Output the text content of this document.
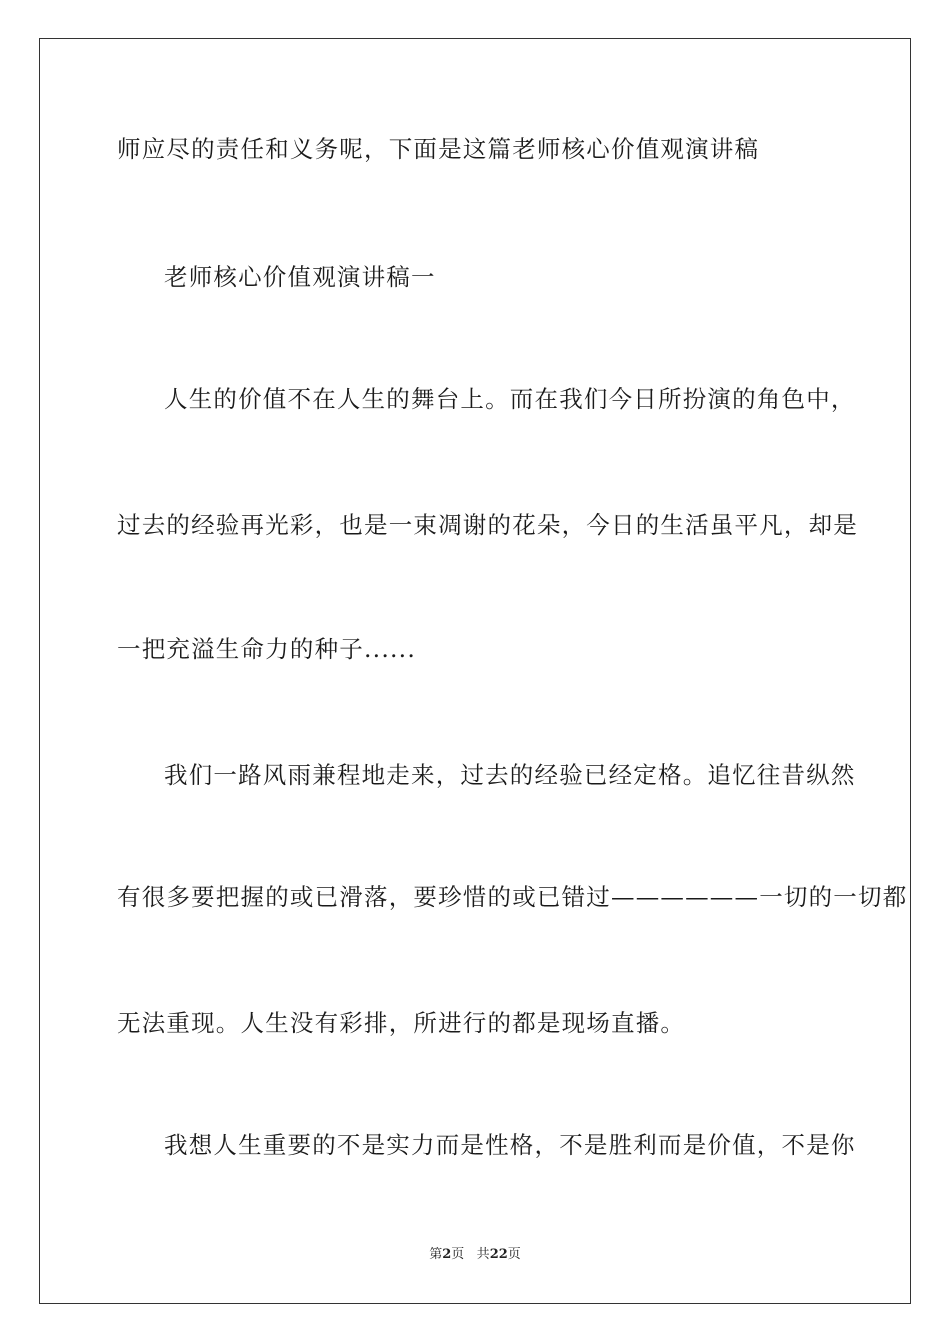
师应尽的责任和义务呢，下面是这篇老师核心价值观演讲稿
老师核心价值观演讲稿一
人生的价值不在人生的舞台上。而在我们今日所扮演的角色中，
过去的经验再光彩，也是一束凋谢的花朵，今日的生活虽平凡，却是
一把充溢生命力的种子......
我们一路风雨兼程地走来，过去的经验已经定格。追忆往昔纵然
有很多要把握的或已滑落，要珍惜的或已错过——————一切的一切都
无法重现。人生没有彩排，所进行的都是现场直播。
我想人生重要的不是实力而是性格，不是胜利而是价值，不是你
第2页 共22页
